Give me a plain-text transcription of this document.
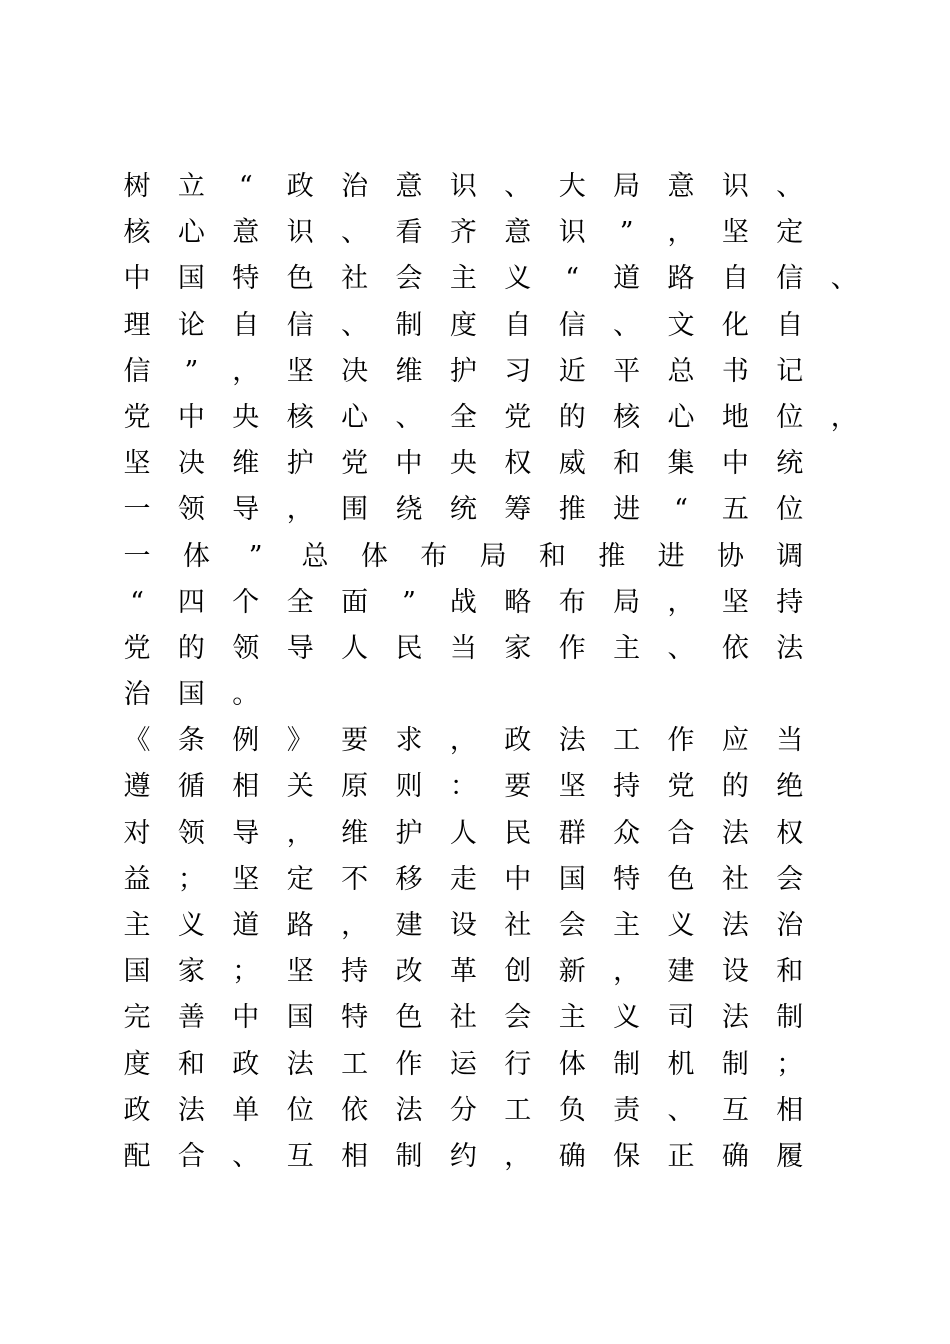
树 立	“	政 治 意 识 、 大 局 意 识 、
核 心 意 识 、 看 齐 意 识	”	， 坚 定
中 国 特 色 社 会 主 义	“	道 路 自 信 、
理 论 自 信 、 制 度 自 信 、 文 化 自
信	”	， 坚 决 维 护 习 近 平 总 书 记
党 中 央 核 心 、 全 党 的 核 心 地 位 ，
坚 决 维 护 党 中 央 权 威 和 集 中 统
一 领 导 ， 围 绕 统 筹 推 进	“	五 位
一 体	”	总 体 布 局 和 推 进 协 调
“	四 个 全 面	”	战 略 布 局 ， 坚 持
党 的 领 导 人 民 当 家 作 主 、 依 法
治 国 。
《 条 例 》 要 求 ， 政 法 工 作 应 当
遵 循 相 关 原 则 ： 要 坚 持 党 的 绝
对 领 导 ， 维 护 人 民 群 众 合 法 权
益 ； 坚 定 不 移 走 中 国 特 色 社 会
主 义 道 路 ， 建 设 社 会 主 义 法 治
国 家 ； 坚 持 改 革 创 新 ， 建 设 和
完 善 中 国 特 色 社 会 主 义 司 法 制
度 和 政 法 工 作 运 行 体 制 机 制 ；
政 法 单 位 依 法 分 工 负 责 、 互 相
配 合 、 互 相 制 约 ， 确 保 正 确 履
